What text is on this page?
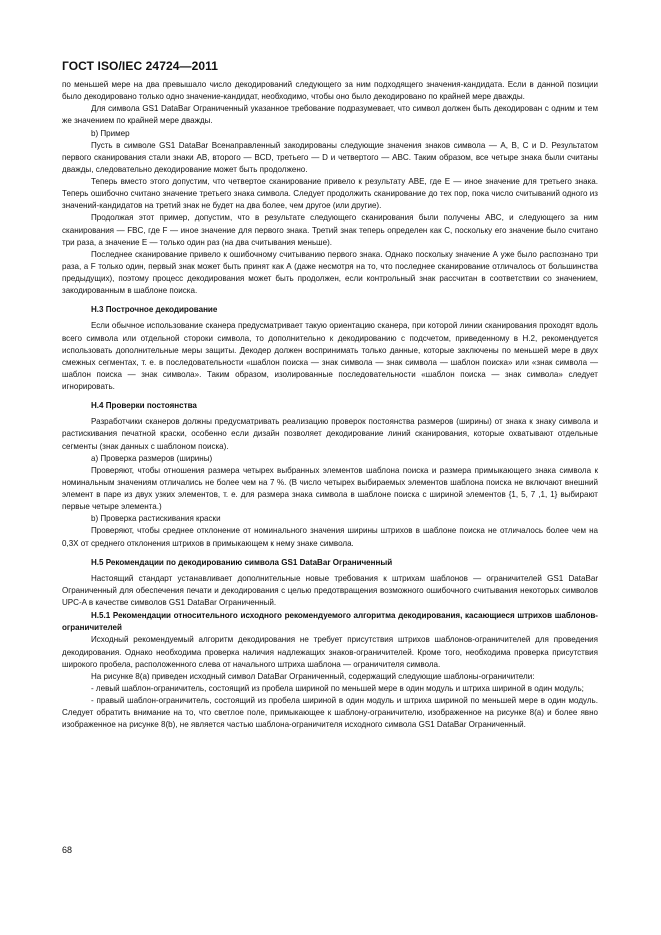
ГОСТ ISO/IEC 24724—2011

по меньшей мере на два превышало число декодирований следующего за ним подходящего значения-кандидата. Если в данной позиции было декодировано только одно значение-кандидат, необходимо, чтобы оно было декодировано по крайней мере дважды.

Для символа GS1 DataBar Ограниченный указанное требование подразумевает, что символ должен быть декодирован с одним и тем же значением по крайней мере дважды.

b) Пример

Пусть в символе GS1 DataBar Всенаправленный закодированы следующие значения знаков символа — А, В, С и D. Результатом первого сканирования стали знаки АВ, второго — BCD, третьего — D и четвертого — ABC. Таким образом, все четыре знака были считаны дважды, следовательно декодирование может быть продолжено.

Теперь вместо этого допустим, что четвертое сканирование привело к результату АВЕ, где Е — иное значение для третьего знака. Теперь ошибочно считано значение третьего знака символа. Следует продолжить сканирование до тех пор, пока число считываний одного из значений-кандидатов на третий знак не будет на два более, чем другое (или другие).

Продолжая этот пример, допустим, что в результате следующего сканирования были получены ABC, и следующего за ним сканирования — FBC, где F — иное значение для первого знака. Третий знак теперь определен как С, поскольку его значение было считано три раза, а значение Е — только один раз (на два считывания меньше).

Последнее сканирование привело к ошибочному считыванию первого знака. Однако поскольку значение А уже было распознано три раза, a F только один, первый знак может быть принят как А (даже несмотря на то, что последнее сканирование отличалось от большинства предыдущих), поэтому процесс декодирования может быть продолжен, если контрольный знак рассчитан в соответствии со значением, закодированным в шаблоне поиска.

Н.3 Построчное декодирование

Если обычное использование сканера предусматривает такую ориентацию сканера, при которой линии сканирования проходят вдоль всего символа или отдельной стороки символа, то дополнительно к декодированию с подсчетом, приведенному в Н.2, рекомендуется использовать дополнительные меры защиты. Декодер должен воспринимать только данные, которые заключены по меньшей мере в двух смежных сегментах, т. е. в последовательности «шаблон поиска — знак символа — знак символа — шаблон поиска» или «знак символа — шаблон поиска — знак символа». Таким образом, изолированные последовательности «шаблон поиска — знак символа» следует игнорировать.

Н.4 Проверки постоянства

Разработчики сканеров должны предусматривать реализацию проверок постоянства размеров (ширины) от знака к знаку символа и растискивания печатной краски, особенно если дизайн позволяет декодирование линий сканирования, которые охватывают отдельные сегменты (знак данных с шаблоном поиска).

а) Проверка размеров (ширины)

Проверяют, чтобы отношения размера четырех выбранных элементов шаблона поиска и размера примыкающего знака символа к номинальным значениям отличались не более чем на 7 %. (В число четырех выбираемых элементов шаблона поиска не включают внешний элемент в паре из двух узких элементов, т. е. для размера знака символа в шаблоне поиска с шириной элементов {1, 5, 7 ,1, 1} выбирают первые четыре элемента.)

b) Проверка растискивания краски

Проверяют, чтобы среднее отклонение от номинального значения ширины штрихов в шаблоне поиска не отличалось более чем на 0,3Х от среднего отклонения штрихов в примыкающем к нему знаке символа.

Н.5 Рекомендации по декодированию символа GS1 DataBar Ограниченный

Настоящий стандарт устанавливает дополнительные новые требования к штрихам шаблонов — ограничителей GS1 DataBar Ограниченный для обеспечения печати и декодирования с целью предотвращения возможного ошибочного считывания некоторых символов UPC-A в качестве символов GS1 DataBar Ограниченный.

Н.5.1 Рекомендации относительного исходного рекомендуемого алгоритма декодирования, касающиеся штрихов шаблонов-ограничителей

Исходный рекомендуемый алгоритм декодирования не требует присутствия штрихов шаблонов-ограничителей для проведения декодирования. Однако необходима проверка наличия надлежащих знаков-ограничителей. Кроме того, необходима проверка присутствия широкого пробела, расположенного слева от начального штриха шаблона — ограничителя символа.

На рисунке 8(a) приведен исходный символ DataBar Ограниченный, содержащий следующие шаблоны-ограничители:

- левый шаблон-ограничитель, состоящий из пробела шириной по меньшей мере в один модуль и штриха шириной в один модуль;

- правый шаблон-ограничитель, состоящий из пробела шириной в один модуль и штриха шириной по меньшей мере в один модуль. Следует обратить внимание на то, что светлое поле, примыкающее к шаблону-ограничителю, изображенное на рисунке 8(a) и более явно изображенное на рисунке 8(b), не является частью шаблона-ограничителя исходного символа GS1 DataBar Ограниченный.

68
